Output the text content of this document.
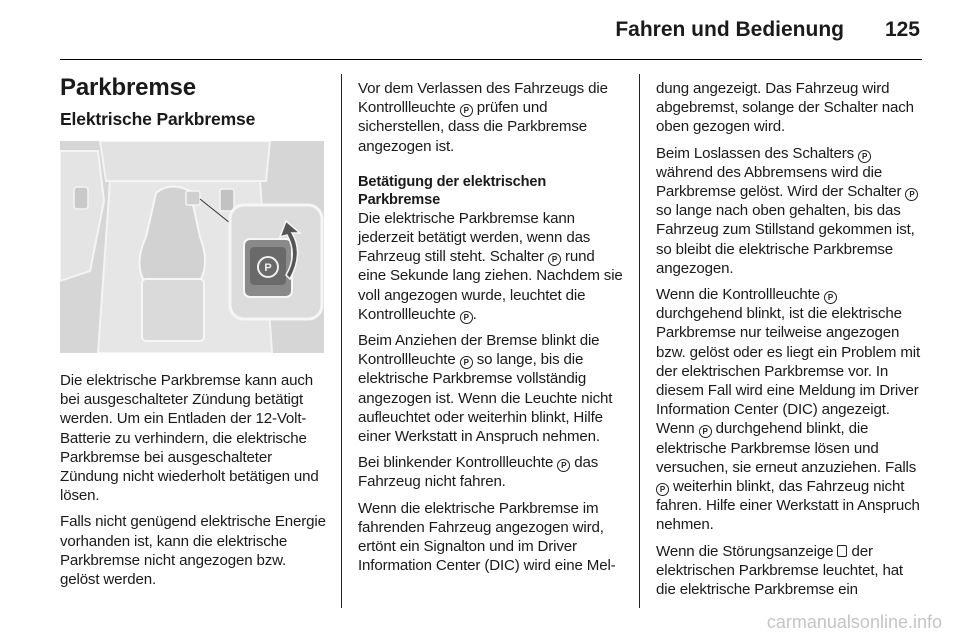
Fahren und Bedienung 125
Parkbremse
Elektrische Parkbremse
P

Die elektrische Parkbremse kann auch bei ausgeschalteter Zündung betätigt werden. Um ein Entladen der 12-Volt-Batterie zu verhindern, die elektrische Parkbremse bei ausgeschalteter Zündung nicht wiederholt betätigen und lösen.

Falls nicht genügend elektrische Energie vorhanden ist, kann die elektrische Parkbremse nicht angezogen bzw. gelöst werden.

Vor dem Verlassen des Fahrzeugs die Kontrollleuchte P prüfen und sicherstellen, dass die Parkbremse angezogen ist.

Betätigung der elektrischen Parkbremse

Die elektrische Parkbremse kann jederzeit betätigt werden, wenn das Fahrzeug still steht. Schalter P rund eine Sekunde lang ziehen. Nachdem sie voll angezogen wurde, leuchtet die Kontrollleuchte P .

Beim Anziehen der Bremse blinkt die Kontrollleuchte P so lange, bis die elektrische Parkbremse vollständig angezogen ist. Wenn die Leuchte nicht aufleuchtet oder weiterhin blinkt, Hilfe einer Werkstatt in Anspruch nehmen.

Bei blinkender Kontrollleuchte P das Fahrzeug nicht fahren.

Wenn die elektrische Parkbremse im fahrenden Fahrzeug angezogen wird, ertönt ein Signalton und im Driver Information Center (DIC) wird eine Mel-

dung angezeigt. Das Fahrzeug wird abgebremst, solange der Schalter nach oben gezogen wird.

Beim Loslassen des Schalters P während des Abbremsens wird die Parkbremse gelöst. Wird der Schalter P so lange nach oben gehalten, bis das Fahrzeug zum Stillstand gekommen ist, so bleibt die elektrische Parkbremse angezogen.

Wenn die Kontrollleuchte P durchgehend blinkt, ist die elektrische Parkbremse nur teilweise angezogen bzw. gelöst oder es liegt ein Problem mit der elektrischen Parkbremse vor. In diesem Fall wird eine Meldung im Driver Information Center (DIC) angezeigt. Wenn P durchgehend blinkt, die elektrische Parkbremse lösen und versuchen, sie erneut anzuziehen. Falls P weiterhin blinkt, das Fahrzeug nicht fahren. Hilfe einer Werkstatt in Anspruch nehmen.

Wenn die Störungsanzeige der elektrischen Parkbremse leuchtet, hat die elektrische Parkbremse ein

carmanualsonline.info
